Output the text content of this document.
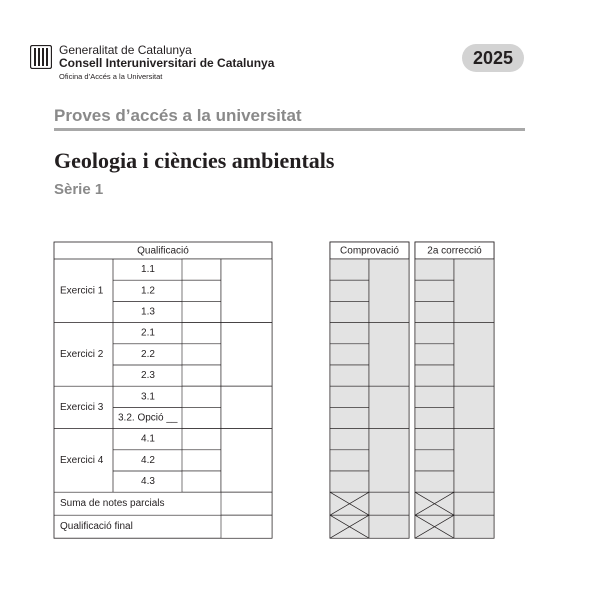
Generalitat de Catalunya
Consell Interuniversitari de Catalunya
Oficina d’Accés a la Universitat
2025
Proves d’accés a la universitat
Geologia i ciències ambientals
Sèrie 1
Qualificació
Exercici 1
1.1
1.2
1.3
Exercici 2
2.1
2.2
2.3
Exercici 3
3.1
3.2. Opció __
Exercici 4
4.1
4.2
4.3
Suma de notes parcials
Qualificació final
Comprovació	2a correcció
